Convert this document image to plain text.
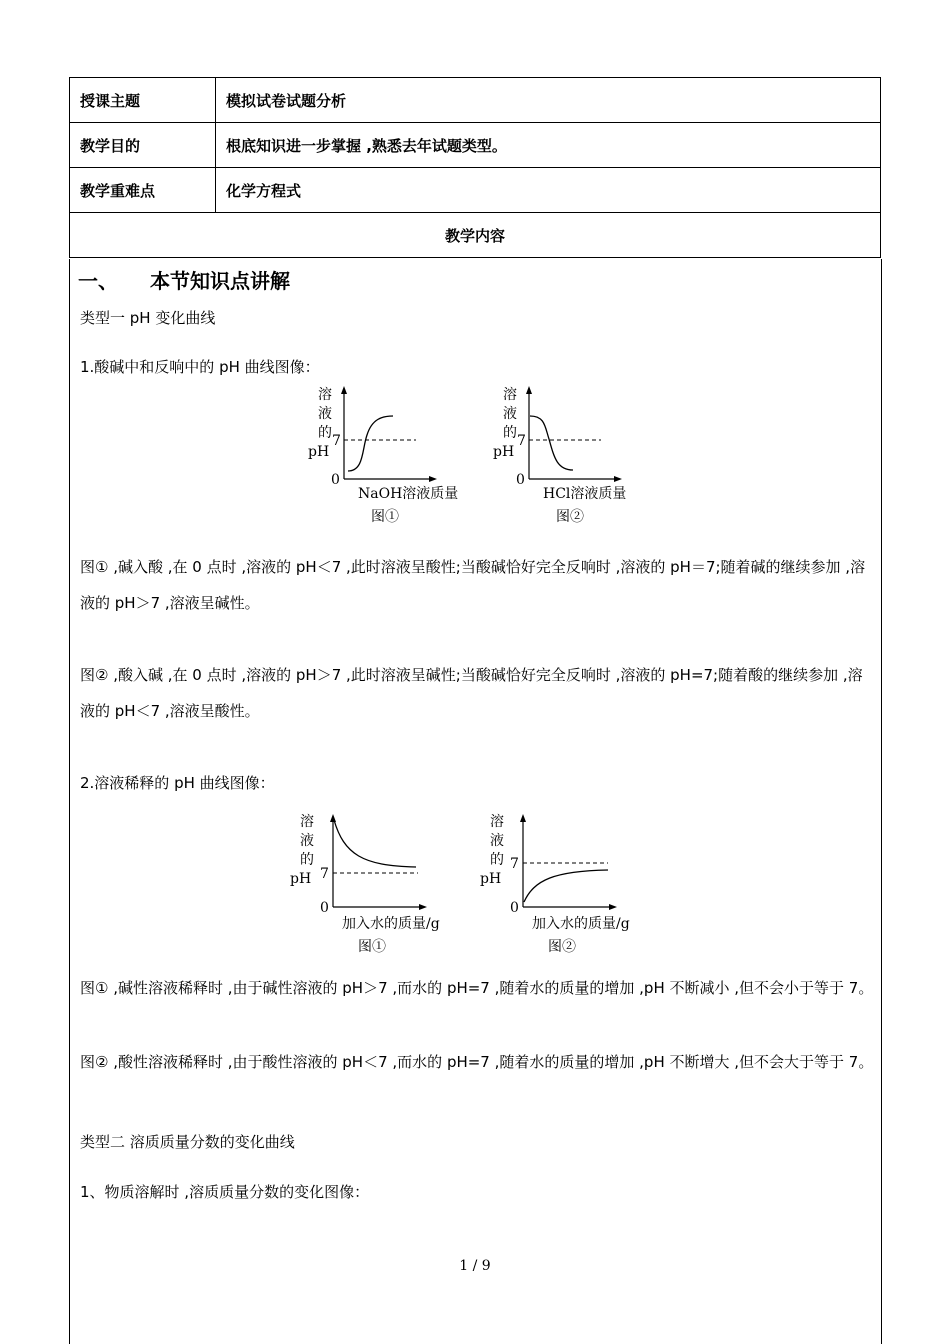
授课主题	模拟试卷试题分析
教学目的	根底知识进一步掌握 ,熟悉去年试题类型。
教学重难点	化学方程式
教学内容	
一、 本节知识点讲解
类型一 pH 变化曲线
1.酸碱中和反响中的 pH 曲线图像：
溶
液
的
pH
7
0
NaOH溶液质量
图①
溶
液
的
pH
7
0
HCl溶液质量
图②
图① ,碱入酸 ,在 0 点时 ,溶液的 pH＜7 ,此时溶液呈酸性;当酸碱恰好完全反响时 ,溶液的 pH＝7;随着碱的继续参加 ,溶液的 pH＞7 ,溶液呈碱性。
图② ,酸入碱 ,在 0 点时 ,溶液的 pH＞7 ,此时溶液呈碱性;当酸碱恰好完全反响时 ,溶液的 pH=7;随着酸的继续参加 ,溶液的 pH＜7 ,溶液呈酸性。
2.溶液稀释的 pH 曲线图像：
溶
液
的
pH 7
0
加入水的质量/g
图①
溶
液
的
pH
7
0
加入水的质量/g
图②
图① ,碱性溶液稀释时 ,由于碱性溶液的 pH＞7 ,而水的 pH=7 ,随着水的质量的增加 ,pH 不断减小 ,但不会小于等于 7。
图② ,酸性溶液稀释时 ,由于酸性溶液的 pH＜7 ,而水的 pH=7 ,随着水的质量的增加 ,pH 不断增大 ,但不会大于等于 7。
类型二 溶质质量分数的变化曲线
1、物质溶解时 ,溶质质量分数的变化图像：
1 / 9
